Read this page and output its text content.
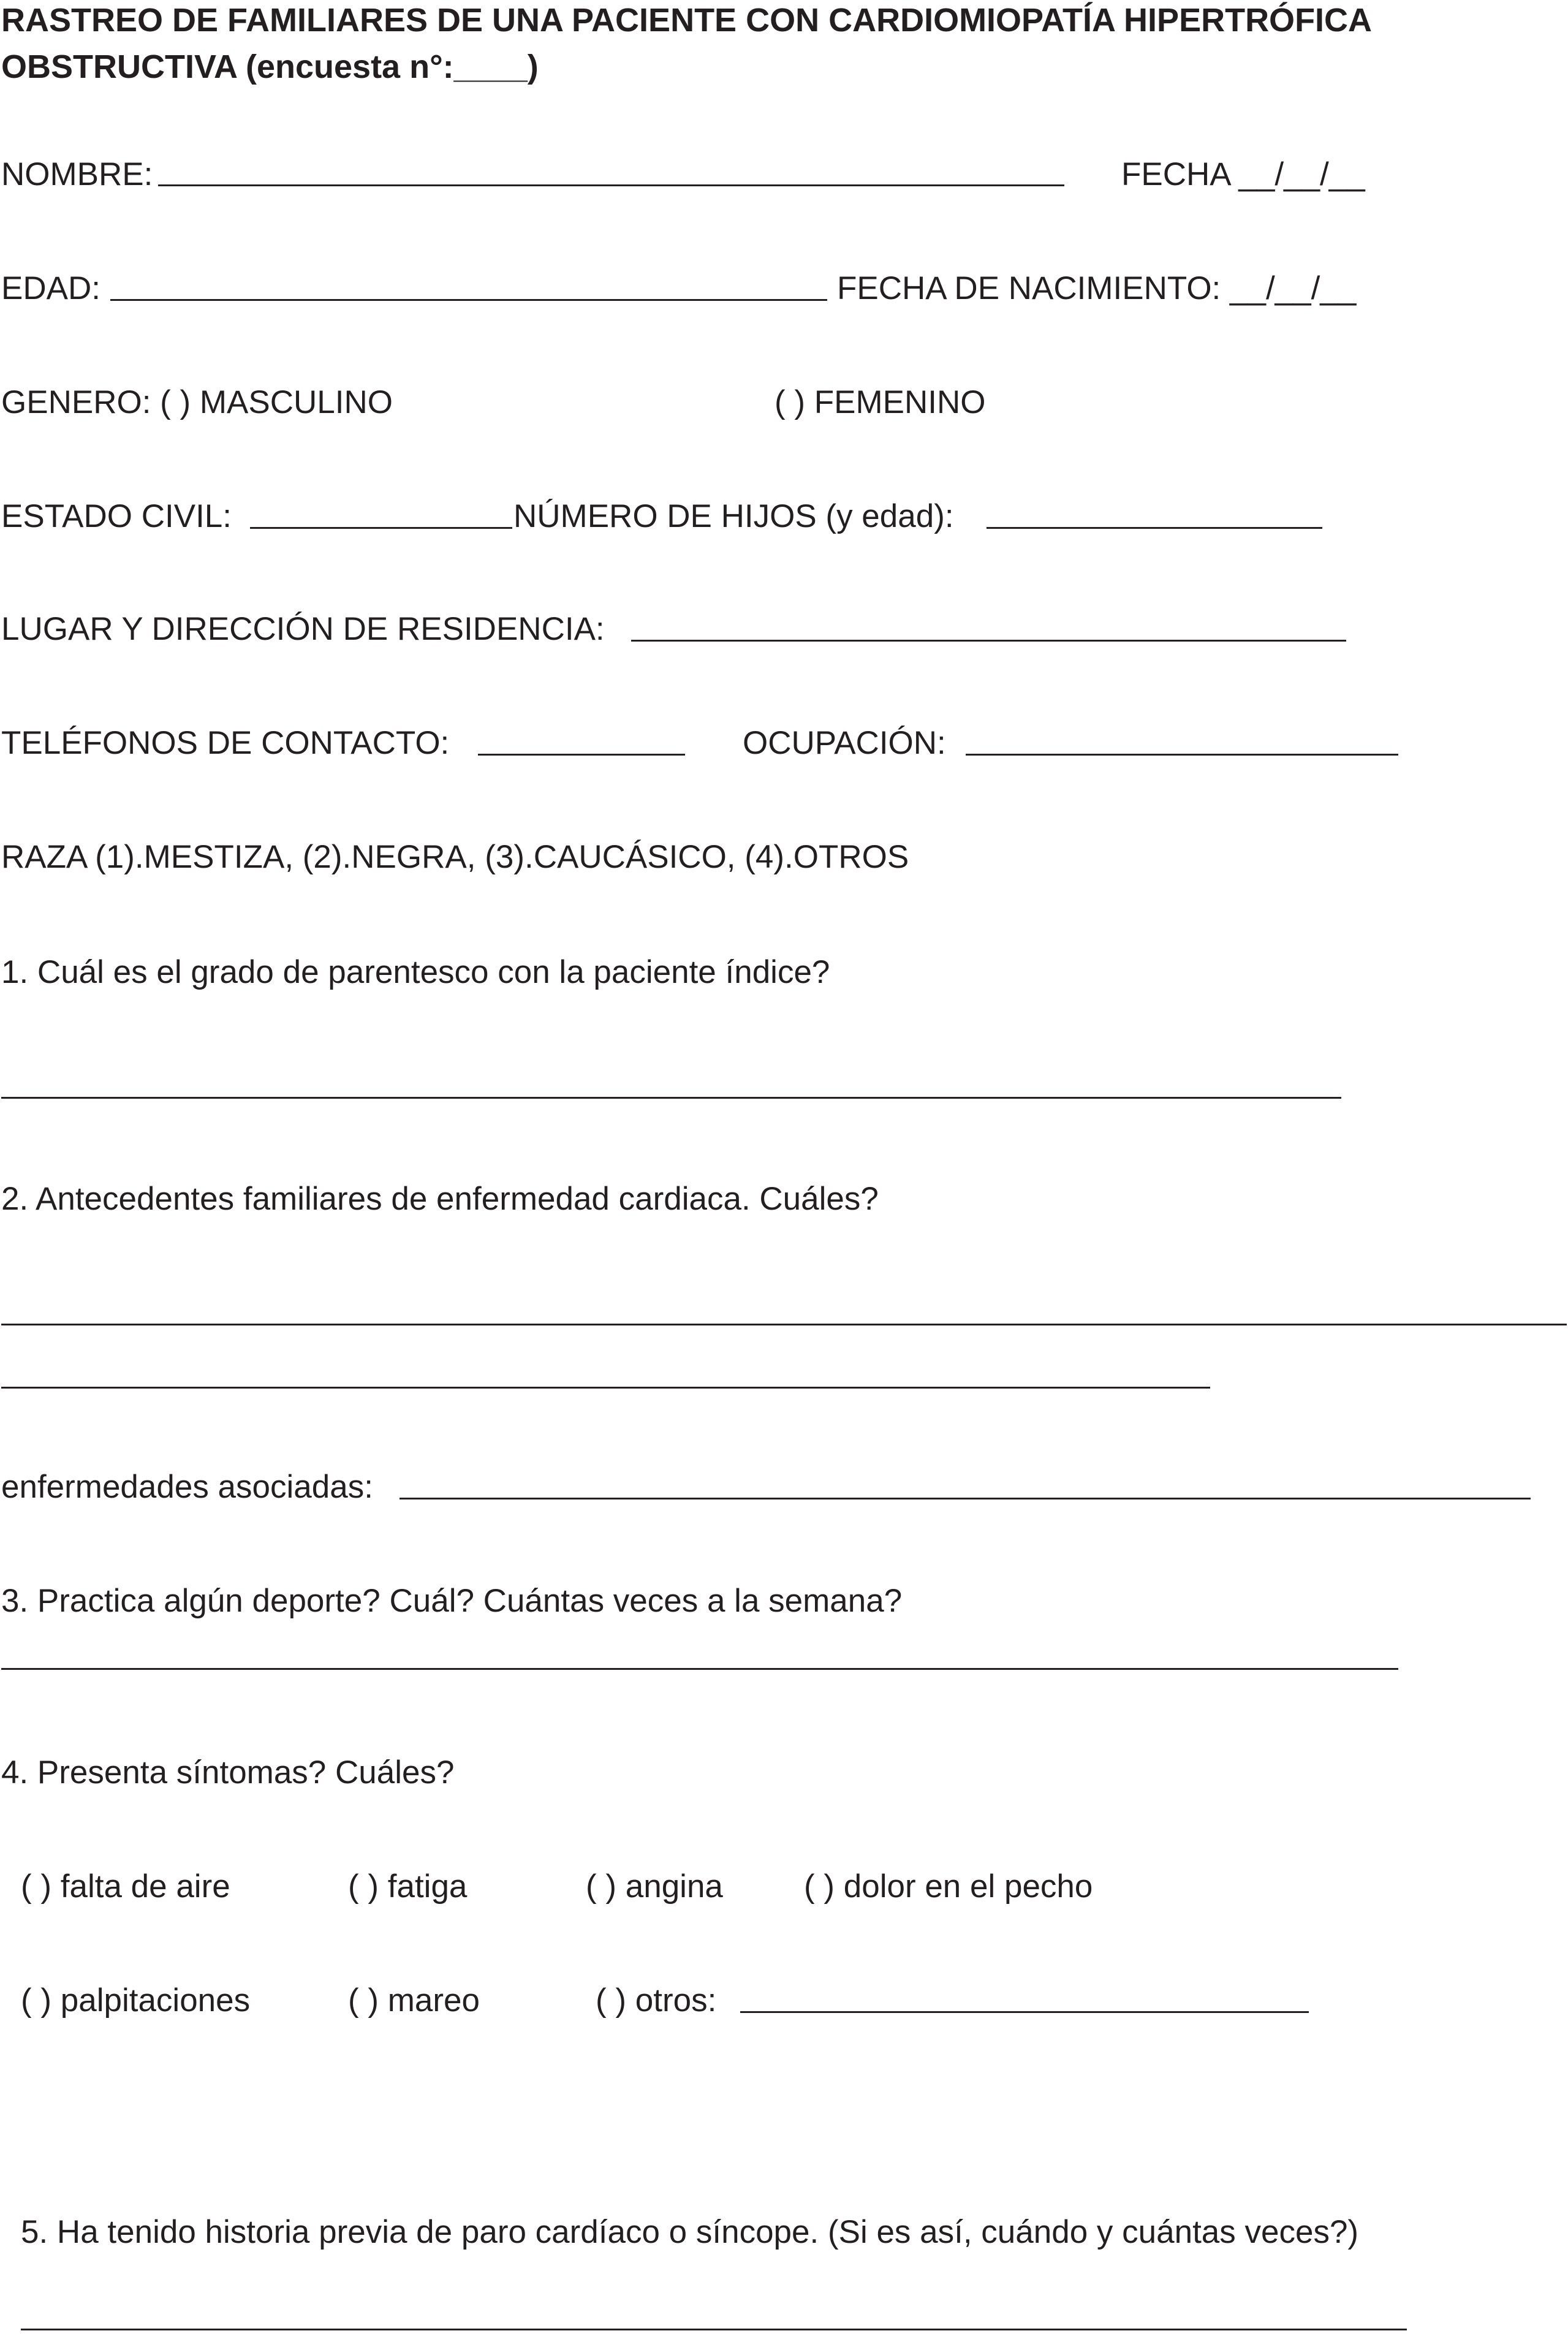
RASTREO DE FAMILIARES DE UNA PACIENTE CON CARDIOMIOPATÍA HIPERTRÓFICA
OBSTRUCTIVA (encuesta n°:____)
NOMBRE:	FECHA __/__/__
EDAD:	FECHA DE NACIMIENTO: __/__/__
GENERO: ( ) MASCULINO	( ) FEMENINO
ESTADO CIVIL:	NÚMERO DE HIJOS (y edad):
LUGAR Y DIRECCIÓN DE RESIDENCIA:
TELÉFONOS DE CONTACTO:	OCUPACIÓN:
RAZA (1).MESTIZA, (2).NEGRA, (3).CAUCÁSICO, (4).OTROS
1. Cuál es el grado de parentesco con la paciente índice?
2. Antecedentes familiares de enfermedad cardiaca. Cuáles?
enfermedades asociadas:
3. Practica algún deporte? Cuál? Cuántas veces a la semana?
4. Presenta síntomas? Cuáles?
( ) falta de aire	( ) fatiga	( ) angina ( ) dolor en el pecho
( ) palpitaciones	( ) mareo	( ) otros:
5. Ha tenido historia previa de paro cardíaco o síncope. (Si es así, cuándo y cuántas veces?)
